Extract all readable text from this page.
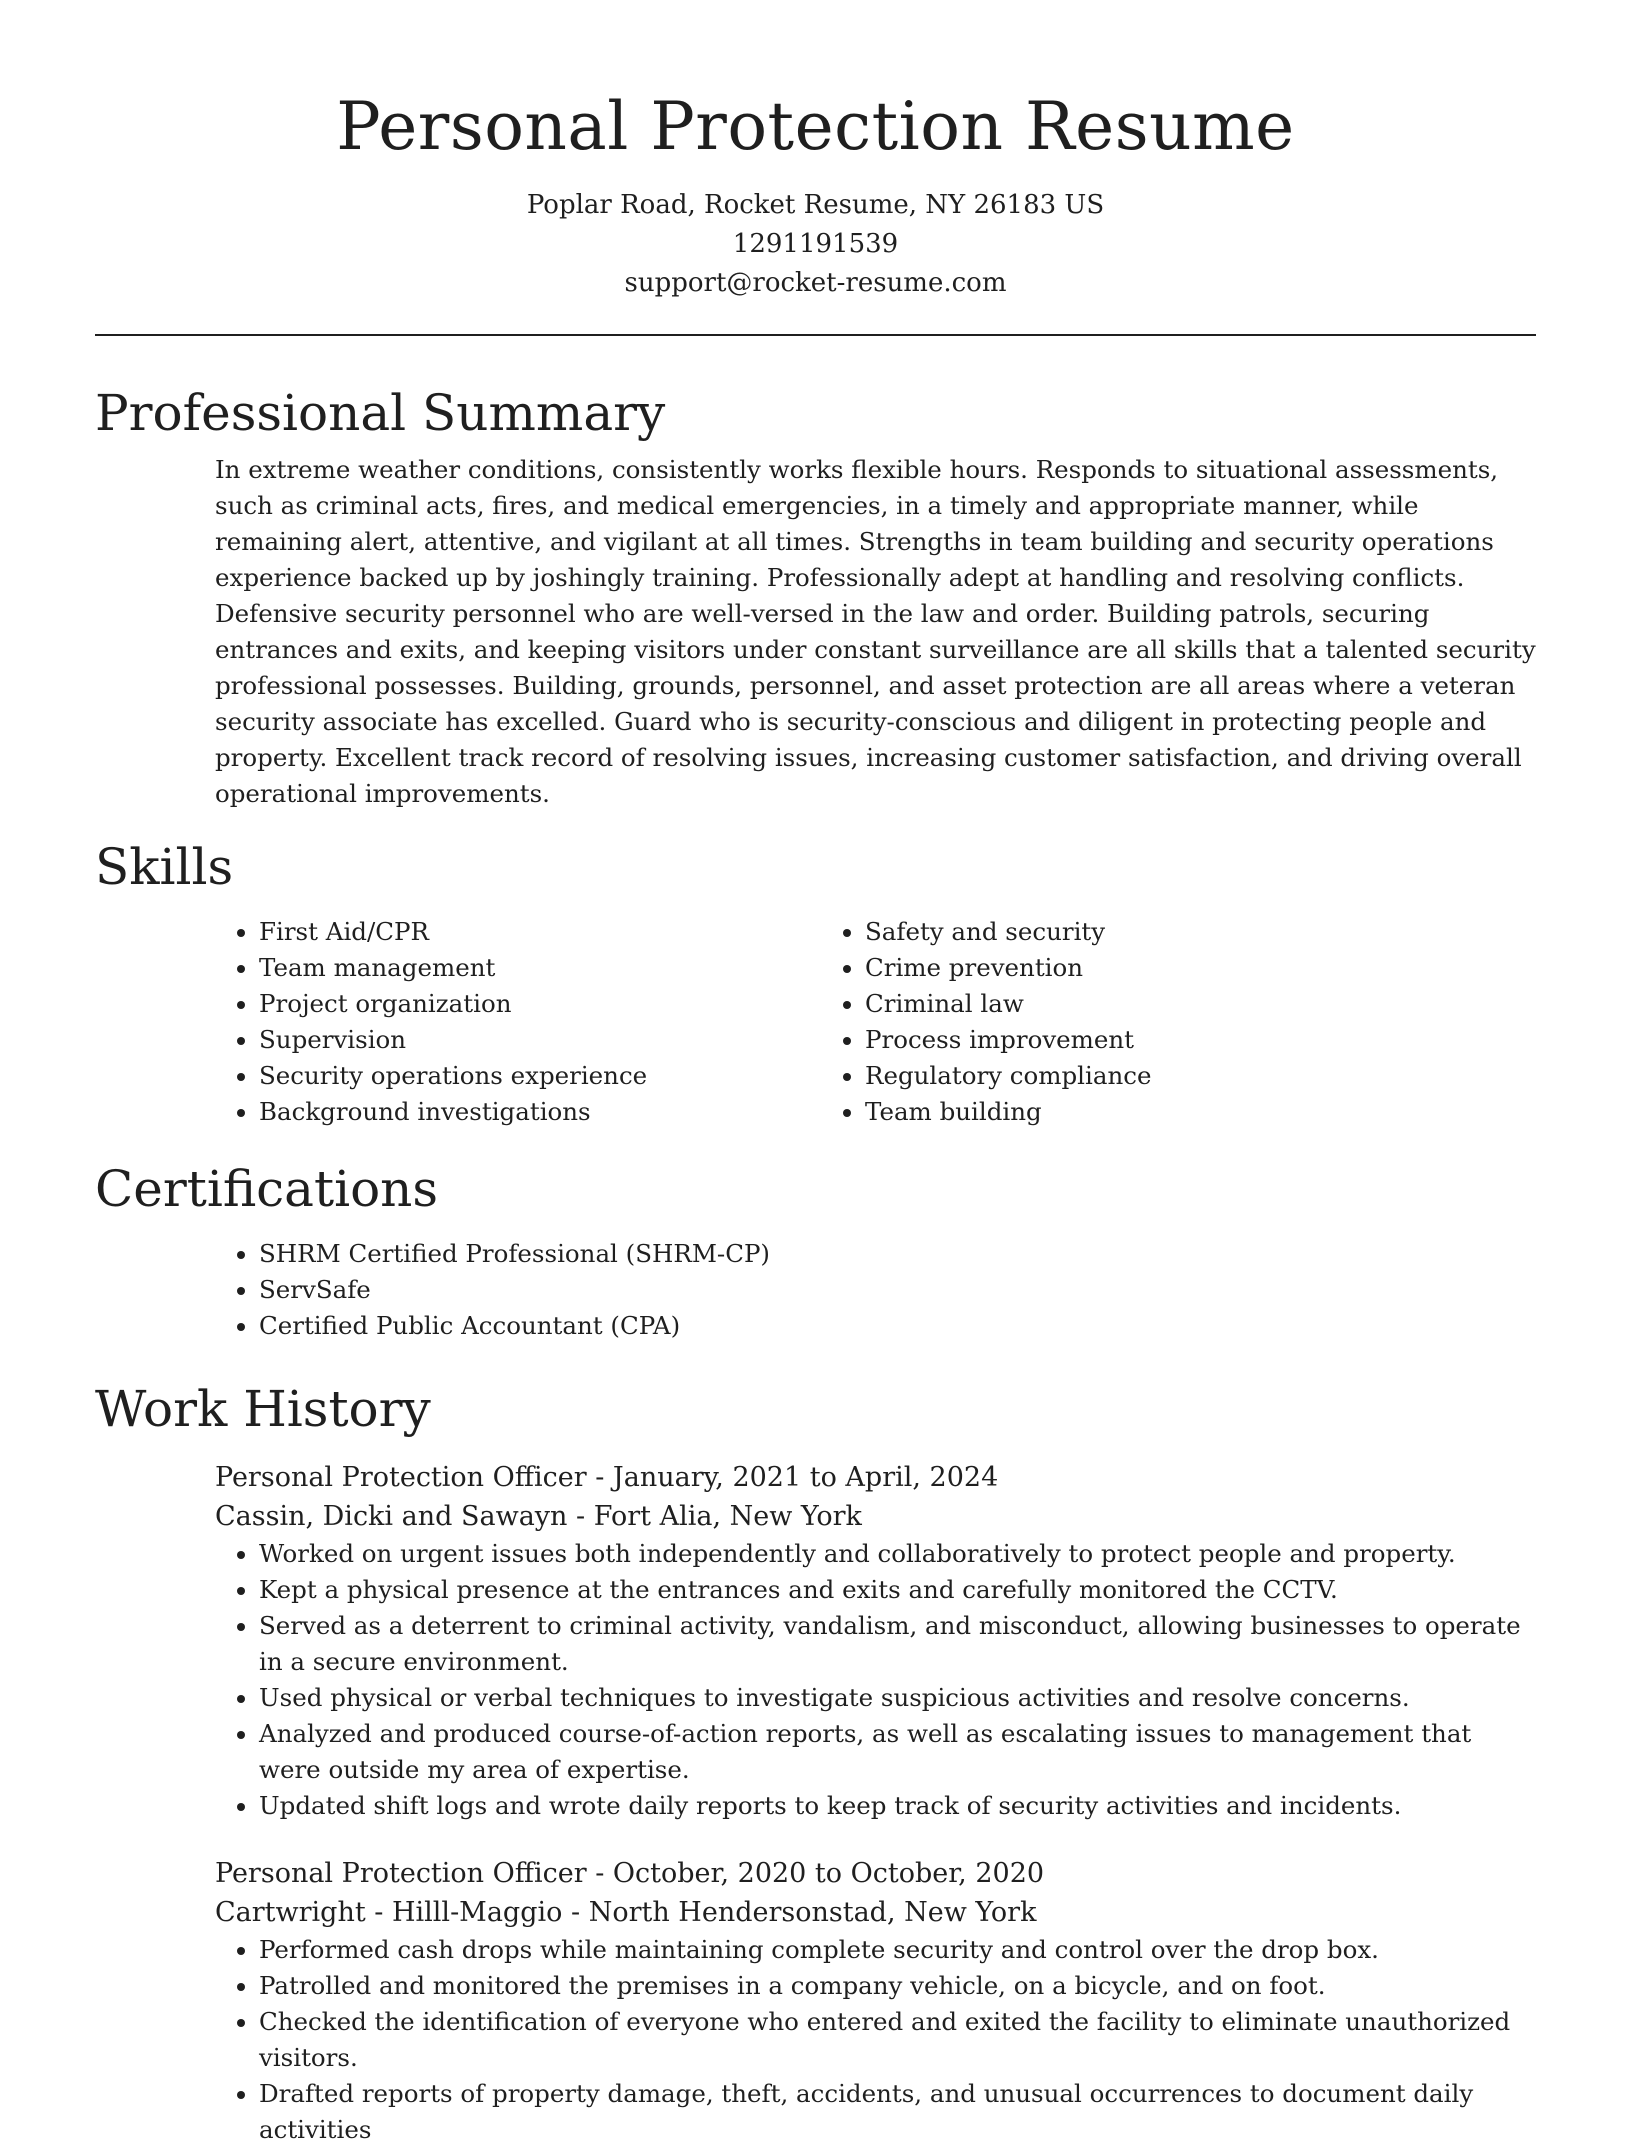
Personal Protection Resume
Poplar Road, Rocket Resume, NY 26183 US
1291191539
support@rocket-resume.com
Professional Summary
In extreme weather conditions, consistently works flexible hours. Responds to situational assessments, such as criminal acts, fires, and medical emergencies, in a timely and appropriate manner, while remaining alert, attentive, and vigilant at all times. Strengths in team building and security operations experience backed up by joshingly training. Professionally adept at handling and resolving conflicts. Defensive security personnel who are well-versed in the law and order. Building patrols, securing entrances and exits, and keeping visitors under constant surveillance are all skills that a talented security professional possesses. Building, grounds, personnel, and asset protection are all areas where a veteran security associate has excelled. Guard who is security-conscious and diligent in protecting people and property. Excellent track record of resolving issues, increasing customer satisfaction, and driving overall operational improvements.
Skills
• First Aid/CPR
• Team management
• Project organization
• Supervision
• Security operations experience
• Background investigations
• Safety and security
• Crime prevention
• Criminal law
• Process improvement
• Regulatory compliance
• Team building
Certifications
• SHRM Certified Professional (SHRM-CP)
• ServSafe
• Certified Public Accountant (CPA)
Work History
Personal Protection Officer - January, 2021 to April, 2024
Cassin, Dicki and Sawayn - Fort Alia, New York
• Worked on urgent issues both independently and collaboratively to protect people and property.
• Kept a physical presence at the entrances and exits and carefully monitored the CCTV.
• Served as a deterrent to criminal activity, vandalism, and misconduct, allowing businesses to operate in a secure environment.
• Used physical or verbal techniques to investigate suspicious activities and resolve concerns.
• Analyzed and produced course-of-action reports, as well as escalating issues to management that were outside my area of expertise.
• Updated shift logs and wrote daily reports to keep track of security activities and incidents.
Personal Protection Officer - October, 2020 to October, 2020
Cartwright - Hilll-Maggio - North Hendersonstad, New York
• Performed cash drops while maintaining complete security and control over the drop box.
• Patrolled and monitored the premises in a company vehicle, on a bicycle, and on foot.
• Checked the identification of everyone who entered and exited the facility to eliminate unauthorized visitors.
• Drafted reports of property damage, theft, accidents, and unusual occurrences to document daily activities
